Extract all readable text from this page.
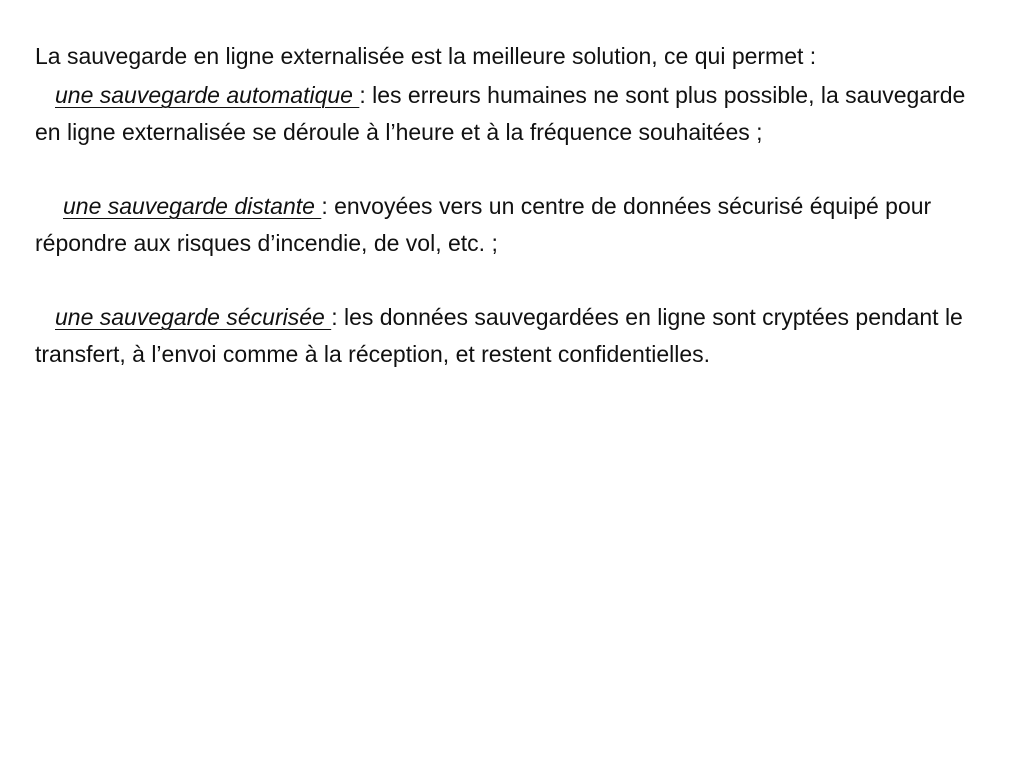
La sauvegarde en ligne externalisée est la meilleure solution, ce qui permet :

une sauvegarde automatique : les erreurs humaines ne sont plus possible, la sauvegarde en ligne externalisée se déroule à l’heure et à la fréquence souhaitées ;

une sauvegarde distante : envoyées vers un centre de données sécurisé équipé pour répondre aux risques d’incendie, de vol, etc. ;

une sauvegarde sécurisée : les données sauvegardées en ligne sont cryptées pendant le transfert, à l’envoi comme à la réception, et restent confidentielles.
